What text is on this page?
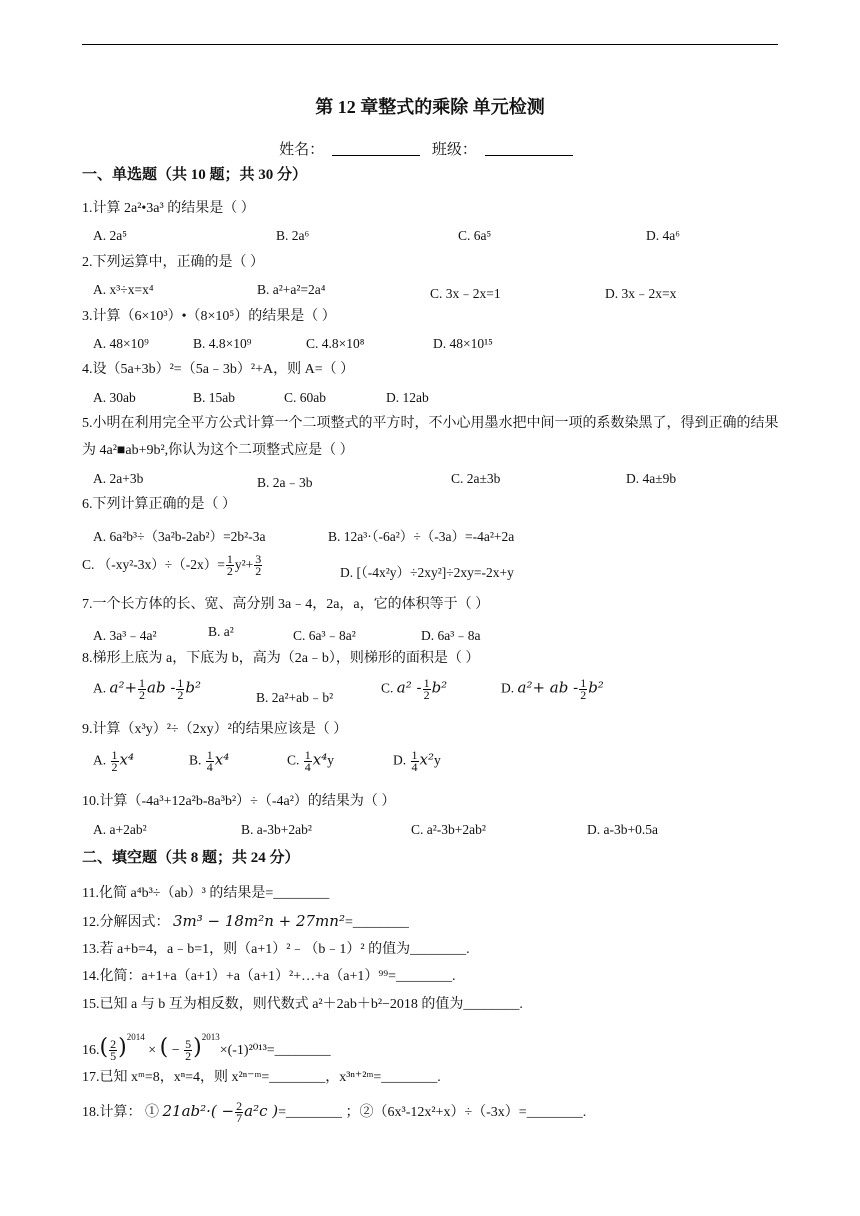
第 12 章整式的乘除 单元检测
姓名：	班级：
一、单选题（共 10 题；共 30 分）
1.计算 2a²•3a³ 的结果是（ ）
A. 2a⁵	B. 2a⁶	C. 6a⁵	D. 4a⁶
2.下列运算中，正确的是（ ）
A. x³÷x=x⁴	B. a²+a²=2a⁴	C. 3x﹣2x=1	D. 3x﹣2x=x
3.计算（6×10³）•（8×10⁵）的结果是（ ）
A. 48×10⁹	B. 4.8×10⁹	C. 4.8×10⁸	D. 48×10¹⁵
4.设（5a+3b）²=（5a﹣3b）²+A，则 A=（ ）
A. 30ab	B. 15ab	C. 60ab	D. 12ab
5.小明在利用完全平方公式计算一个二项整式的平方时，不小心用墨水把中间一项的系数染黑了，得到正确的结果为 4a²■ab+9b²,你认为这个二项整式应是（ ）
A. 2a+3b	B. 2a﹣3b	C. 2a±3b	D. 4a±9b
6.下列计算正确的是（ ）
A. 6a²b³÷（3a²b-2ab²）=2b²-3a	B. 12a³·（-6a²）÷（-3a）=-4a²+2a
C. $(-xy^2-3x)\div(-2x)= \frac{1}{2} y^2+ \frac{3}{2}$	D. [（-4x²y）÷2xy²]÷2xy=-2x+y
7.一个长方体的长、宽、高分别 3a﹣4，2a，a，它的体积等于（ ）
A. 3a³﹣4a²	B. a²	C. 6a³﹣8a²	D. 6a³﹣8a
8.梯形上底为 a，下底为 b，高为（2a﹣b），则梯形的面积是（ ）
A. $a^2+ \frac{1}{2}$ ab - $\frac{1}{2} b^2$
B. 2a²+ab﹣b²
C. $a^2 - \frac{1}{2} b^2$	D. a²+ ab - $\frac{1}{2} b^2$
9.计算（x³y）²÷（2xy）²的结果应该是（ ）
A. $\frac{1}{2} x^4$	B. $\frac{1}{4} x^4$	C. $\frac{1}{4} x^4y$	D. $\frac{1}{4} x^2y$
10.计算（-4a³+12a²b-8a³b²）÷（-4a²）的结果为（ ）
A. a+2ab²	B. a-3b+2ab²	C. a²-3b+2ab²	D. a-3b+0.5a
二、填空题（共 8 题；共 24 分）
11.化简 a⁴b³÷（ab）³ 的结果是=________
12.分解因式： 3m³ − 18m²n + 27mn²=________
13.若 a+b=4，a﹣b=1，则（a+1）²﹣（b﹣1）² 的值为________.
14.化简：a+1+a（a+1）+a（a+1）²+…+a（a+1）⁹⁹=________.
15.已知 a 与 b 互为相反数，则代数式 a²＋2ab＋b²−2018 的值为________.
$16.( \frac{2}{5} )^{2014}$ × ( − $\frac{5}{2}$ )$^{2013}$×(-1)²⁰¹³=________
17.已知 xᵐ=8，xⁿ=4，则 x²ⁿ⁻ᵐ=________，x³ⁿ⁺²ᵐ=________.
18.计算： ① $21ab^2\cdot( - \frac{2}{7} a^2c$ )=________ ；②（6x³-12x²+x）÷（-3x）=________.
